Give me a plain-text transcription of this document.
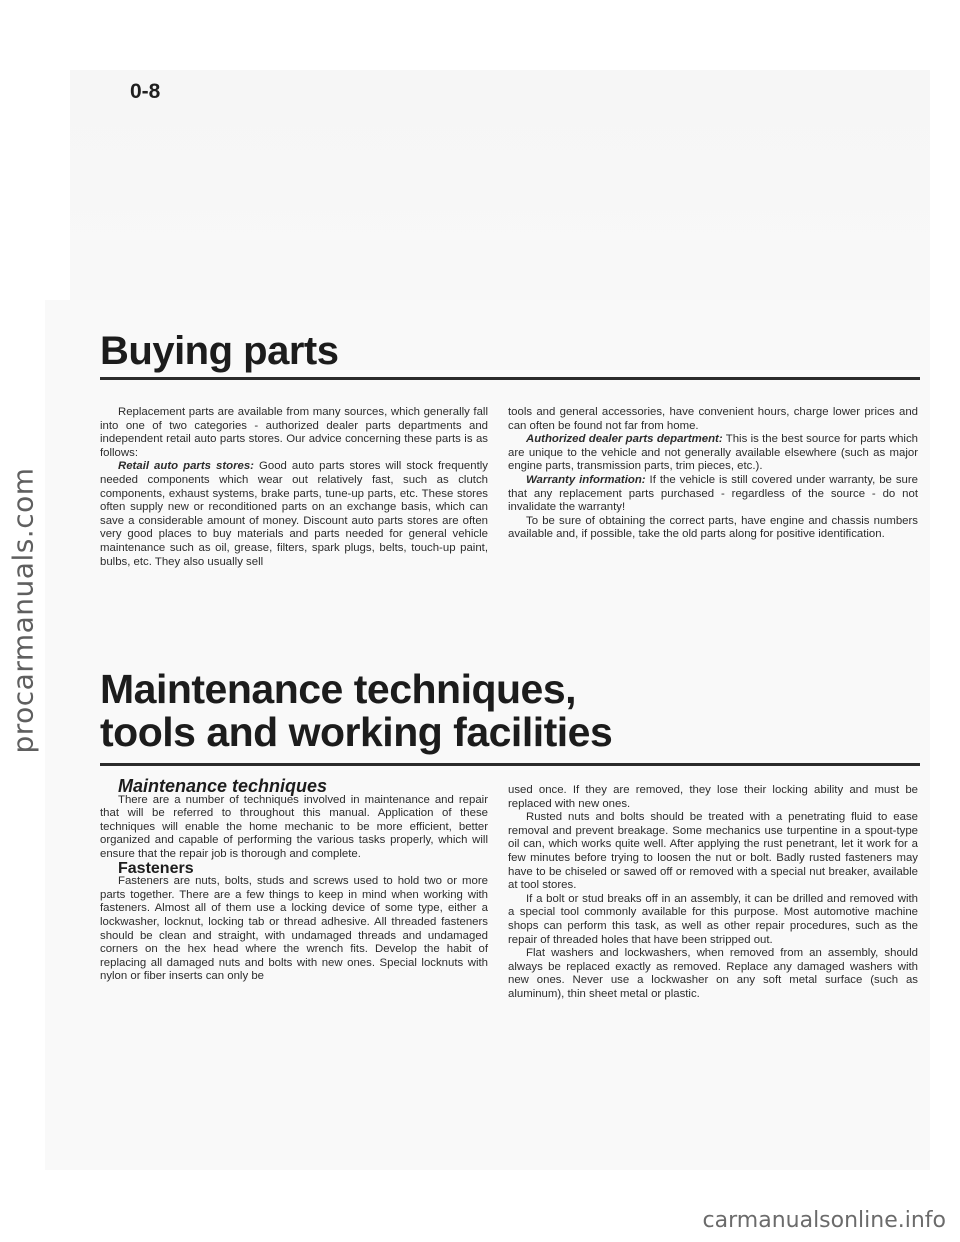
procarmanuals.com
0-8
Buying parts

Replacement parts are available from many sources, which generally fall into one of two categories - authorized dealer parts departments and independent retail auto parts stores. Our advice concerning these parts is as follows:

Retail auto parts stores: Good auto parts stores will stock frequently needed components which wear out relatively fast, such as clutch components, exhaust systems, brake parts, tune-up parts, etc. These stores often supply new or reconditioned parts on an exchange basis, which can save a considerable amount of money. Discount auto parts stores are often very good places to buy materials and parts needed for general vehicle maintenance such as oil, grease, filters, spark plugs, belts, touch-up paint, bulbs, etc. They also usually sell

tools and general accessories, have convenient hours, charge lower prices and can often be found not far from home.

Authorized dealer parts department: This is the best source for parts which are unique to the vehicle and not generally available elsewhere (such as major engine parts, transmission parts, trim pieces, etc.).

Warranty information: If the vehicle is still covered under warranty, be sure that any replacement parts purchased - regardless of the source - do not invalidate the warranty!

To be sure of obtaining the correct parts, have engine and chassis numbers available and, if possible, take the old parts along for positive identification.

Maintenance techniques,
tools and working facilities

Maintenance techniques

There are a number of techniques involved in maintenance and repair that will be referred to throughout this manual. Application of these techniques will enable the home mechanic to be more efficient, better organized and capable of performing the various tasks properly, which will ensure that the repair job is thorough and complete.

Fasteners

Fasteners are nuts, bolts, studs and screws used to hold two or more parts together. There are a few things to keep in mind when working with fasteners. Almost all of them use a locking device of some type, either a lockwasher, locknut, locking tab or thread adhesive. All threaded fasteners should be clean and straight, with undamaged threads and undamaged corners on the hex head where the wrench fits. Develop the habit of replacing all damaged nuts and bolts with new ones. Special locknuts with nylon or fiber inserts can only be

used once. If they are removed, they lose their locking ability and must be replaced with new ones.

Rusted nuts and bolts should be treated with a penetrating fluid to ease removal and prevent breakage. Some mechanics use turpentine in a spout-type oil can, which works quite well. After applying the rust penetrant, let it work for a few minutes before trying to loosen the nut or bolt. Badly rusted fasteners may have to be chiseled or sawed off or removed with a special nut breaker, available at tool stores.

If a bolt or stud breaks off in an assembly, it can be drilled and removed with a special tool commonly available for this purpose. Most automotive machine shops can perform this task, as well as other repair procedures, such as the repair of threaded holes that have been stripped out.

Flat washers and lockwashers, when removed from an assembly, should always be replaced exactly as removed. Replace any damaged washers with new ones. Never use a lockwasher on any soft metal surface (such as aluminum), thin sheet metal or plastic.

carmanualsonline.info
